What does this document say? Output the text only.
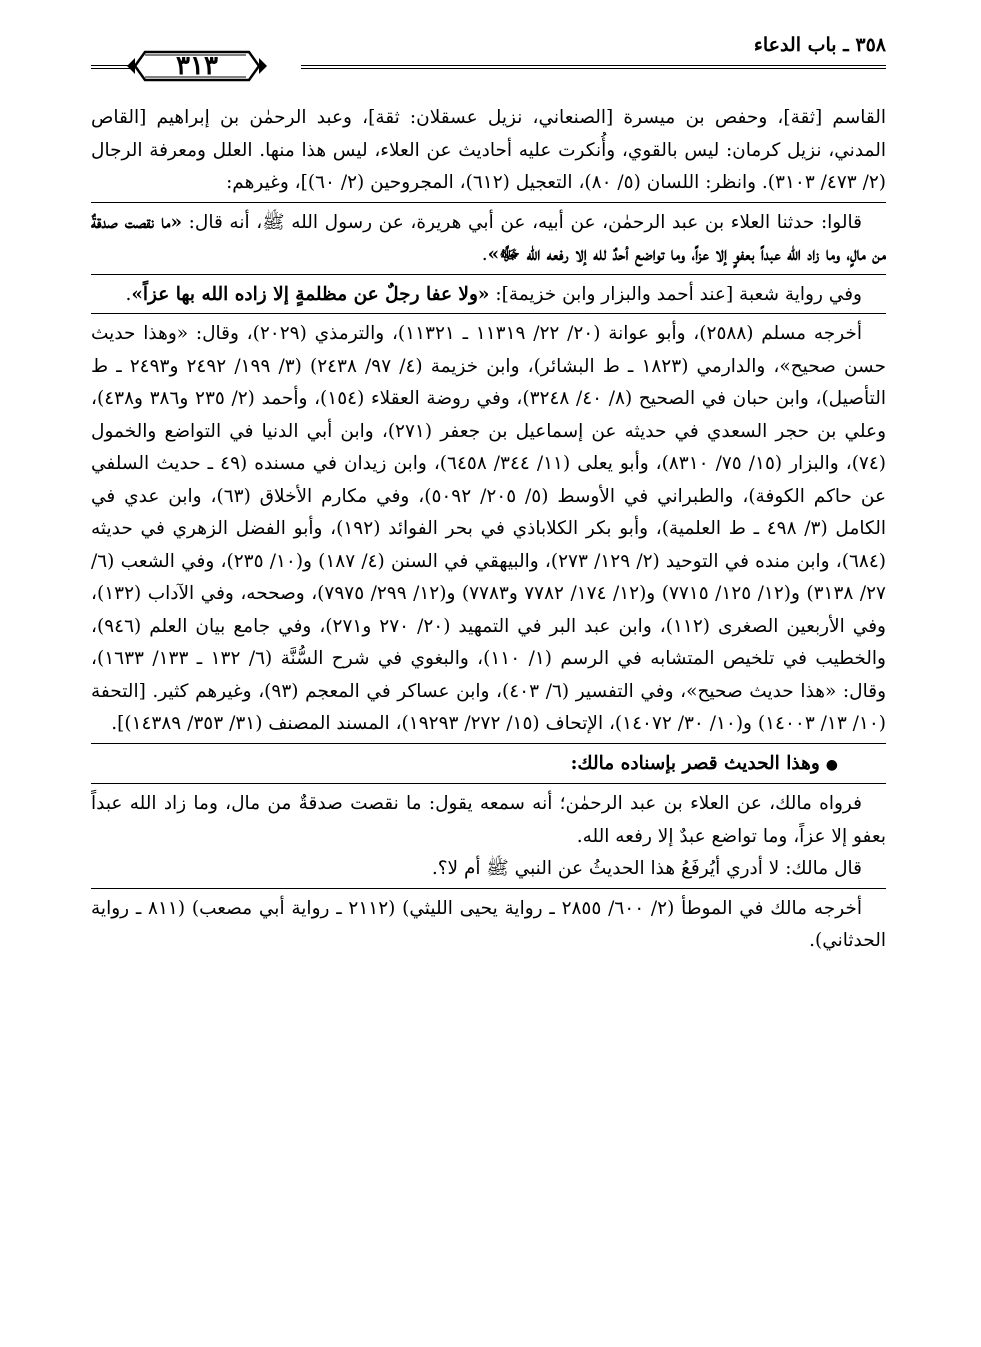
٣٥٨ ـ باب الدعاء
٣١٣

القاسم [ثقة]، وحفص بن ميسرة [الصنعاني، نزيل عسقلان: ثقة]، وعبد الرحمٰن بن إبراهيم [القاص المدني، نزيل كرمان: ليس بالقوي، وأُنكرت عليه أحاديث عن العلاء، ليس هذا منها. العلل ومعرفة الرجال (٢/ ٤٧٣/ ٣١٠٣). وانظر: اللسان (٥/ ٨٠)، التعجيل (٦١٢)، المجروحين (٢/ ٦٠)]، وغيرهم:

قالوا: حدثنا العلاء بن عبد الرحمٰن، عن أبيه، عن أبي هريرة، عن رسول الله ﷺ، أنه قال: «ما نقصت صدقةٌ من مالٍ، وما زاد الله عبداً بعفوٍ إلا عزاً، وما تواضع أحدٌ لله إلا رفعه الله ﷻ».

وفي رواية شعبة [عند أحمد والبزار وابن خزيمة]: «ولا عفا رجلٌ عن مظلمةٍ إلا زاده الله بها عزاً».

أخرجه مسلم (٢٥٨٨)، وأبو عوانة (٢٠/ ٢٢/ ١١٣١٩ ـ ١١٣٢١)، والترمذي (٢٠٢٩)، وقال: «وهذا حديث حسن صحيح»، والدارمي (١٨٢٣ ـ ط البشائر)، وابن خزيمة (٤/ ٩٧/ ٢٤٣٨) (٣/ ١٩٩/ ٢٤٩٢ و٢٤٩٣ ـ ط التأصيل)، وابن حبان في الصحيح (٨/ ٤٠/ ٣٢٤٨)، وفي روضة العقلاء (١٥٤)، وأحمد (٢/ ٢٣٥ و٣٨٦ و٤٣٨)، وعلي بن حجر السعدي في حديثه عن إسماعيل بن جعفر (٢٧١)، وابن أبي الدنيا في التواضع والخمول (٧٤)، والبزار (١٥/ ٧٥/ ٨٣١٠)، وأبو يعلى (١١/ ٣٤٤/ ٦٤٥٨)، وابن زيدان في مسنده (٤٩ ـ حديث السلفي عن حاكم الكوفة)، والطبراني في الأوسط (٥/ ٢٠٥/ ٥٠٩٢)، وفي مكارم الأخلاق (٦٣)، وابن عدي في الكامل (٣/ ٤٩٨ ـ ط العلمية)، وأبو بكر الكلاباذي في بحر الفوائد (١٩٢)، وأبو الفضل الزهري في حديثه (٦٨٤)، وابن منده في التوحيد (٢/ ١٢٩/ ٢٧٣)، والبيهقي في السنن (٤/ ١٨٧) و(١٠/ ٢٣٥)، وفي الشعب (٦/ ٢٧/ ٣١٣٨) و(١٢/ ١٢٥/ ٧٧١٥) و(١٢/ ١٧٤/ ٧٧٨٢ و٧٧٨٣) و(١٢/ ٢٩٩/ ٧٩٧٥)، وصححه، وفي الآداب (١٣٢)، وفي الأربعين الصغرى (١١٢)، وابن عبد البر في التمهيد (٢٠/ ٢٧٠ و٢٧١)، وفي جامع بيان العلم (٩٤٦)، والخطيب في تلخيص المتشابه في الرسم (١/ ١١٠)، والبغوي في شرح السُّنَّة (٦/ ١٣٢ ـ ١٣٣/ ١٦٣٣)، وقال: «هذا حديث صحيح»، وفي التفسير (٦/ ٤٠٣)، وابن عساكر في المعجم (٩٣)، وغيرهم كثير. [التحفة (١٠/ ١٣/ ١٤٠٠٣) و(١٠/ ٣٠/ ١٤٠٧٢)، الإتحاف (١٥/ ٢٧٢/ ١٩٢٩٣)، المسند المصنف (٣١/ ٣٥٣/ ١٤٣٨٩)].

●وهذا الحديث قصر بإسناده مالك:

فرواه مالك، عن العلاء بن عبد الرحمٰن؛ أنه سمعه يقول: ما نقصت صدقةٌ من مال، وما زاد الله عبداً بعفو إلا عزاً، وما تواضع عبدٌ إلا رفعه الله.

قال مالك: لا أدري أيُرفَعُ هذا الحديثُ عن النبي ﷺ أم لا؟.

أخرجه مالك في الموطأ (٢/ ٦٠٠/ ٢٨٥٥ ـ رواية يحيى الليثي) (٢١١٢ ـ رواية أبي مصعب) (٨١١ ـ رواية الحدثاني).
